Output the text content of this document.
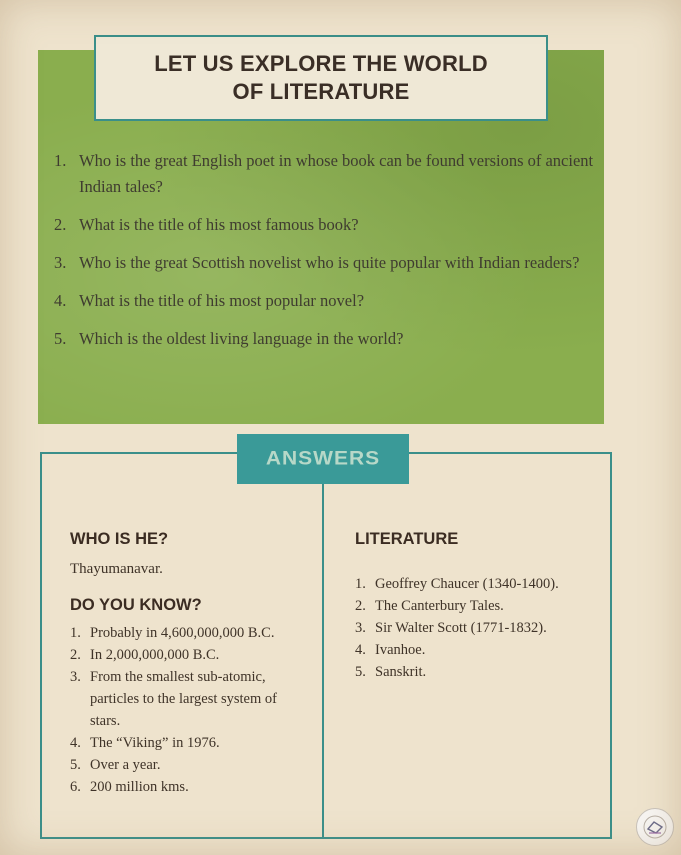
LET US EXPLORE THE WORLD
OF LITERATURE
1. Who is the great English poet in whose book can be found versions of ancient Indian tales?
2. What is the title of his most famous book?
3. Who is the great Scottish novelist who is quite popular with Indian readers?
4. What is the title of his most popular novel?
5. Which is the oldest living language in the world?
ANSWERS
WHO IS HE?
Thayumanavar.
DO YOU KNOW?
1. Probably in 4,600,000,000 B.C.
2. In 2,000,000,000 B.C.
3. From the smallest sub-atomic, particles to the largest system of stars.
4. The “Viking” in 1976.
5. Over a year.
6. 200 million kms.
LITERATURE
1. Geoffrey Chaucer (1340-1400).
2. The Canterbury Tales.
3. Sir Walter Scott (1771-1832).
4. Ivanhoe.
5. Sanskrit.
